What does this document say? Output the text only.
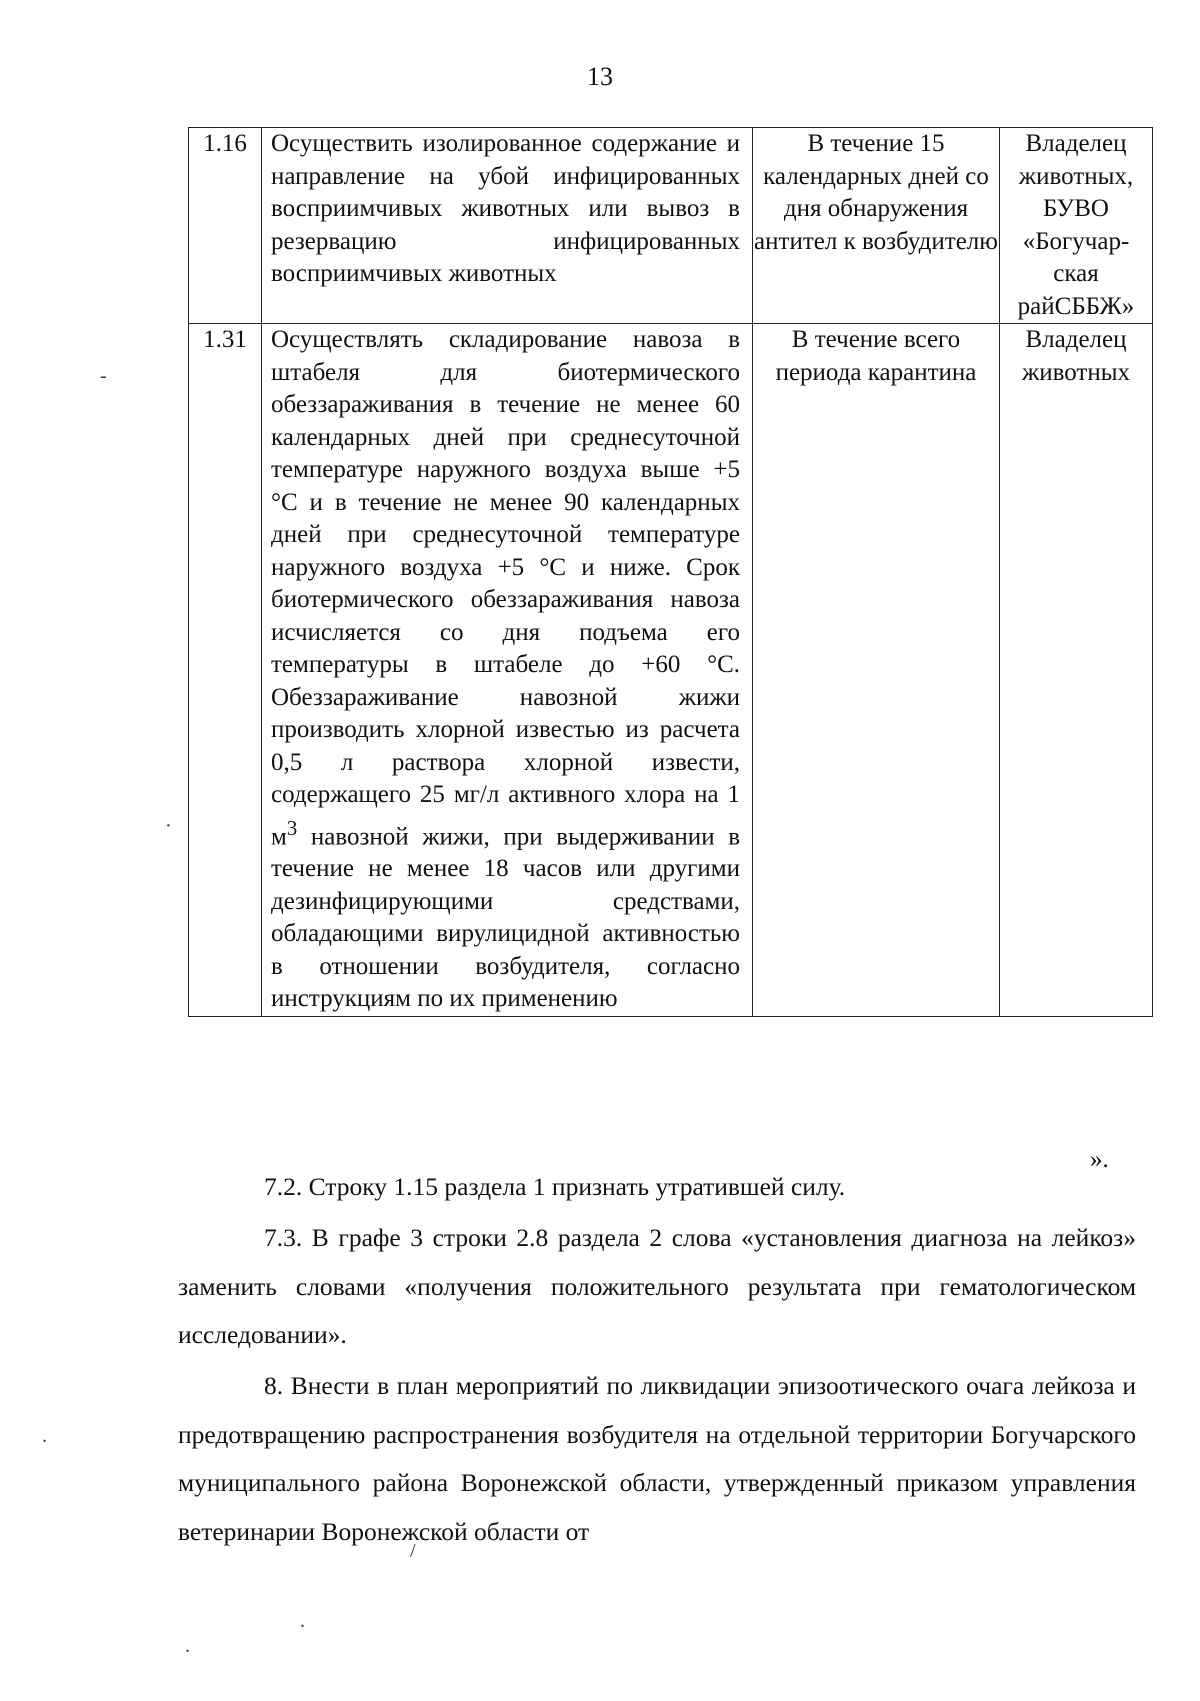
13
1.16	Осуществить изолированное содержание и направление на убой инфицированных восприимчивых животных или вывоз в резервацию инфицированных восприимчивых животных	В течение 15 календарных дней со дня обнаружения антител к возбудителю	Владелец животных, БУВО «Богучар-ская райСББЖ»
1.31	Осуществлять складирование навоза в штабеля для биотермического обеззараживания в течение не менее 60 календарных дней при среднесуточной температуре наружного воздуха выше +5 °С и в течение не менее 90 календарных дней при среднесуточной температуре наружного воздуха +5 °С и ниже. Срок биотермического обеззараживания навоза исчисляется со дня подъема его температуры в штабеле до +60 °С. Обеззараживание навозной жижи производить хлорной известью из расчета 0,5 л раствора хлорной извести, содержащего 25 мг/л активного хлора на 1 $м^3$ навозной жижи, при выдерживании в течение не менее 18 часов или другими дезинфицирующими средствами, обладающими вирулицидной активностью в отношении возбудителя, согласно инструкциям по их применению	В течение всего периода карантина	Владелец животных
».

7.2. Строку 1.15 раздела 1 признать утратившей силу.

7.3. В графе 3 строки 2.8 раздела 2 слова «установления диагноза на лейкоз» заменить словами «получения положительного результата при гематологическом исследовании».

8. Внести в план мероприятий по ликвидации эпизоотического очага лейкоза и предотвращению распространения возбудителя на отдельной территории Богучарского муниципального района Воронежской области, утвержденный приказом управления ветеринарии Воронежской области от

-
·
.
/
.
.
